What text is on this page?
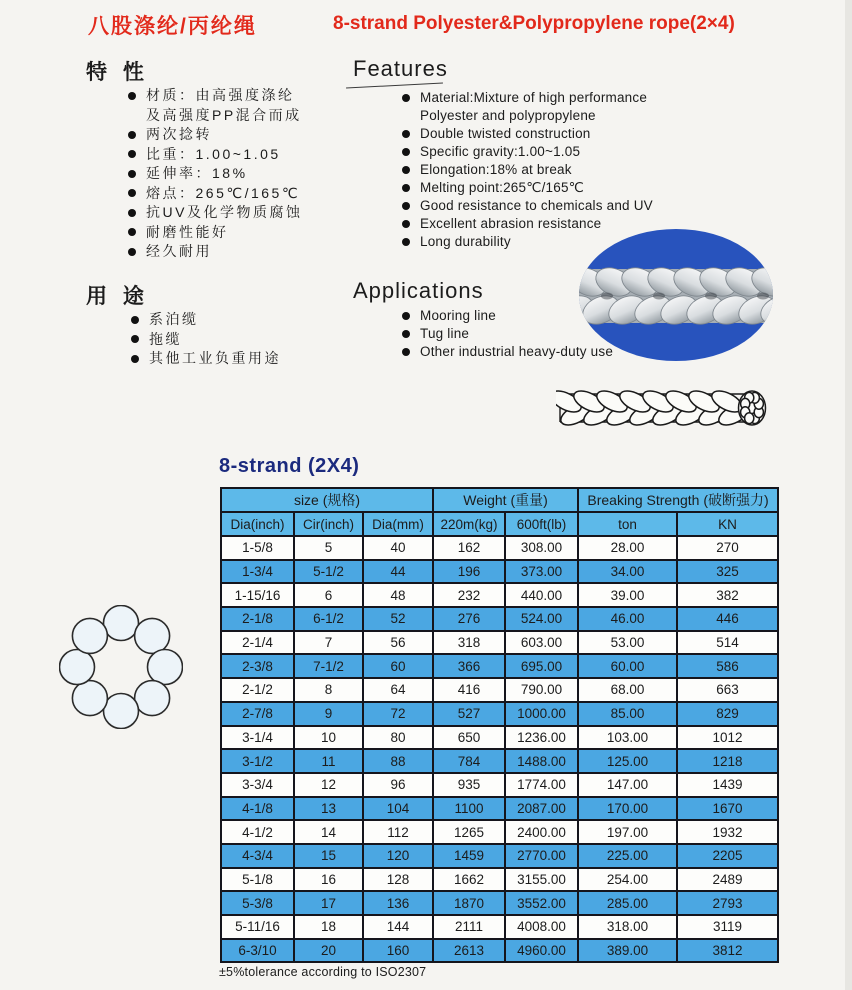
八股涤纶/丙纶绳	8-strand Polyester&Polypropylene rope(2×4)
特 性
材质：由高强度涤纶
及高强度PP混合而成
两次捻转
比重：1.00~1.05
延伸率：18%
熔点：265℃/165℃
抗UV及化学物质腐蚀
耐磨性能好
经久耐用
Features
Material:Mixture of high performance
Polyester and polypropylene
Double twisted construction
Specific gravity:1.00~1.05
Elongation:18% at break
Melting point:265℃/165℃
Good resistance to chemicals and UV
Excellent abrasion resistance
Long durability
用 途
系泊缆
拖缆
其他工业负重用途
Applications
Mooring line
Tug line
Other industrial heavy-duty use
8-strand (2X4)
size (规格)			Weight (重量)		Breaking Strength (破断强力)	
Dia(inch)	Cir(inch)	Dia(mm)	220m(kg)	600ft(lb)	ton	KN
1-5/8	5	40	162	308.00	28.00	270
1-3/4	5-1/2	44	196	373.00	34.00	325
1-15/16	6	48	232	440.00	39.00	382
2-1/8	6-1/2	52	276	524.00	46.00	446
2-1/4	7	56	318	603.00	53.00	514
2-3/8	7-1/2	60	366	695.00	60.00	586
2-1/2	8	64	416	790.00	68.00	663
2-7/8	9	72	527	1000.00	85.00	829
3-1/4	10	80	650	1236.00	103.00	1012
3-1/2	11	88	784	1488.00	125.00	1218
3-3/4	12	96	935	1774.00	147.00	1439
4-1/8	13	104	1100	2087.00	170.00	1670
4-1/2	14	112	1265	2400.00	197.00	1932
4-3/4	15	120	1459	2770.00	225.00	2205
5-1/8	16	128	1662	3155.00	254.00	2489
5-3/8	17	136	1870	3552.00	285.00	2793
5-11/16	18	144	2111	4008.00	318.00	3119
6-3/10	20	160	2613	4960.00	389.00	3812
±5%tolerance according to ISO2307
